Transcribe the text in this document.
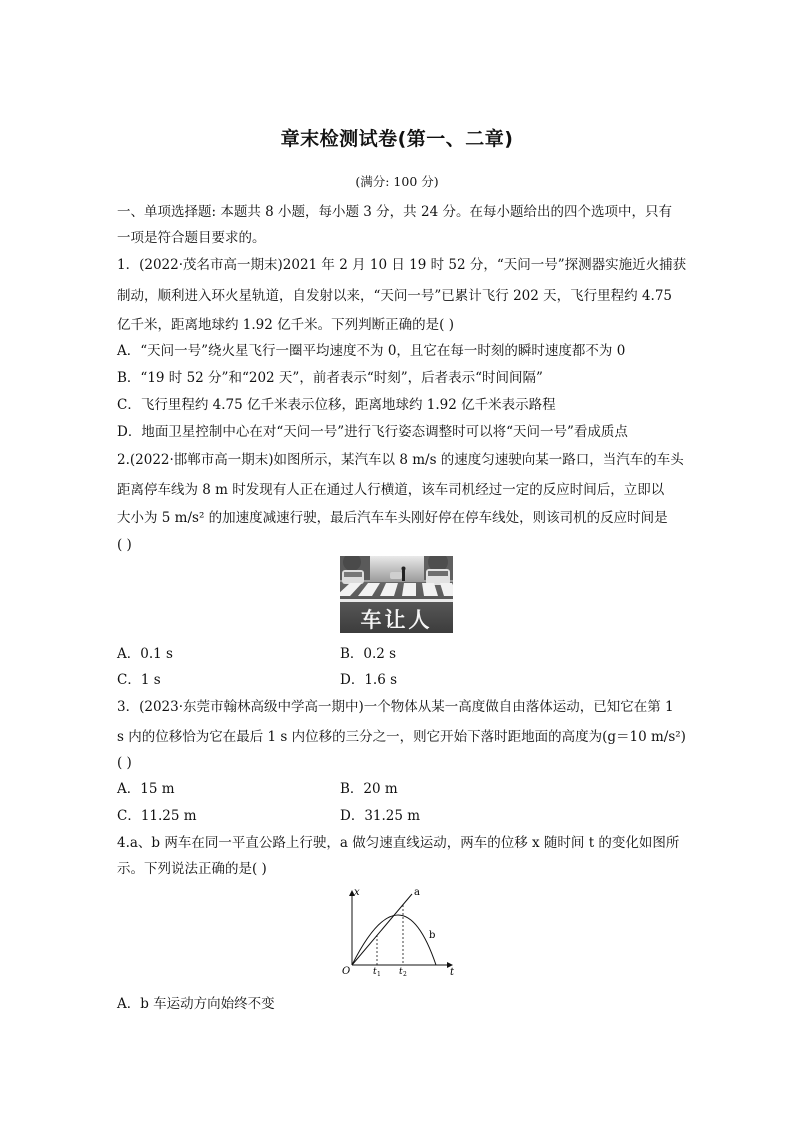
章末检测试卷(第一、二章)
(满分: 100 分)
一、单项选择题: 本题共 8 小题，每小题 3 分，共 24 分。在每小题给出的四个选项中，只有
一项是符合题目要求的。
1．(2022·茂名市高一期末)2021 年 2 月 10 日 19 时 52 分，“天问一号”探测器实施近火捕获
制动，顺利进入环火星轨道，自发射以来，“天问一号”已累计飞行 202 天，飞行里程约 4.75
亿千米，距离地球约 1.92 亿千米。下列判断正确的是( )
A．“天问一号”绕火星飞行一圈平均速度不为 0，且它在每一时刻的瞬时速度都不为 0
B．“19 时 52 分”和“202 天”，前者表示“时刻”，后者表示“时间间隔”
C．飞行里程约 4.75 亿千米表示位移，距离地球约 1.92 亿千米表示路程
D．地面卫星控制中心在对“天问一号”进行飞行姿态调整时可以将“天问一号”看成质点
2.(2022·邯郸市高一期末)如图所示，某汽车以 8 m/s 的速度匀速驶向某一路口，当汽车的车头
距离停车线为 8 m 时发现有人正在通过人行横道，该车司机经过一定的反应时间后，立即以
大小为 5 m/s² 的加速度减速行驶，最后汽车车头刚好停在停车线处，则该司机的反应时间是
( )
车让人
A．0.1 s	B．0.2 s
C．1 s	D．1.6 s
3．(2023·东莞市翰林高级中学高一期中)一个物体从某一高度做自由落体运动，已知它在第 1
s 内的位移恰为它在最后 1 s 内位移的三分之一，则它开始下落时距地面的高度为(g＝10 m/s²)
( )
A．15 m	B．20 m
C．11.25 m	D．31.25 m
4.a、b 两车在同一平直公路上行驶，a 做匀速直线运动，两车的位移 x 随时间 t 的变化如图所
示。下列说法正确的是( )
x
t
O	t 1 t 2
a
b
A．b 车运动方向始终不变
